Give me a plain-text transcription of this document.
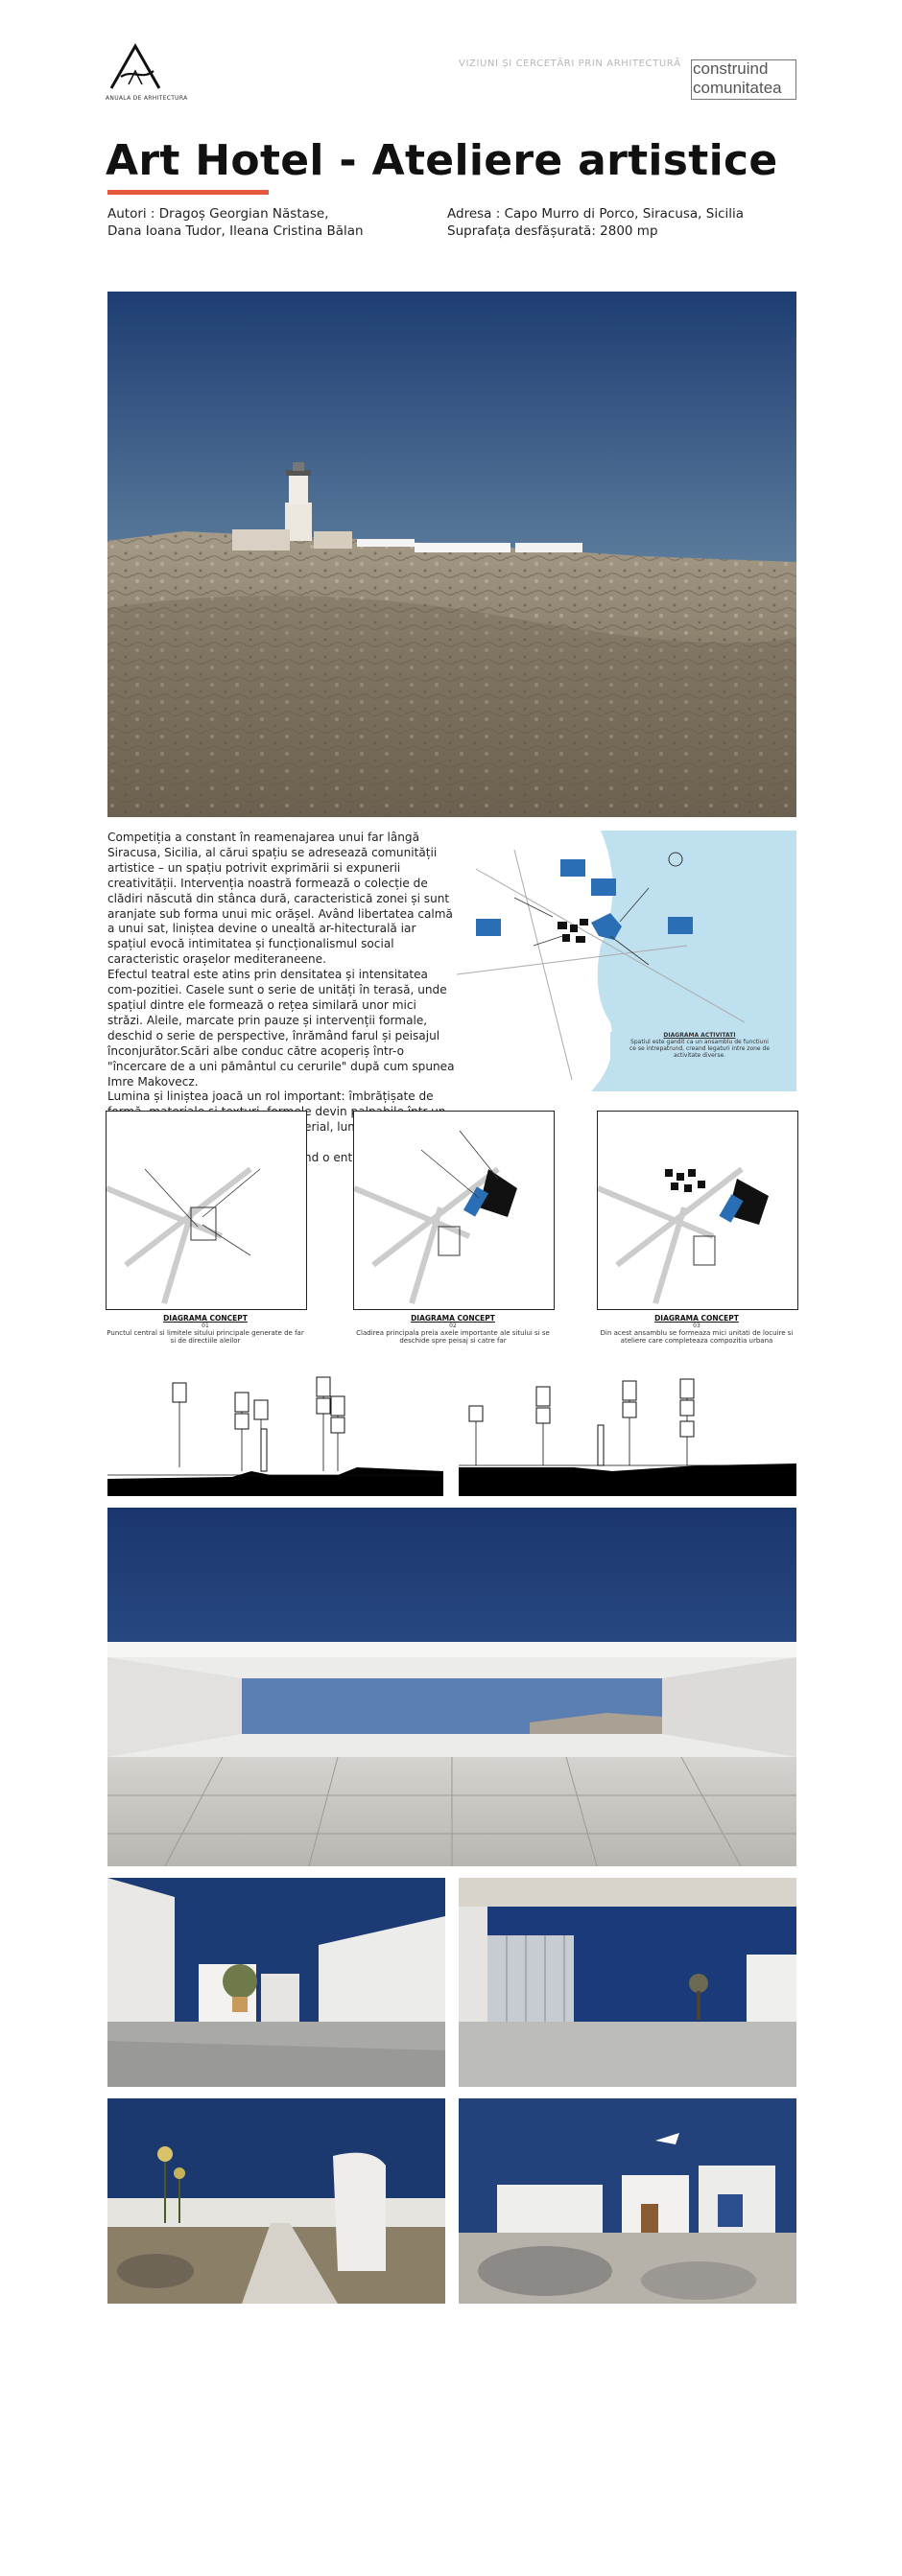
ANUALA DE ARHITECTURA
VIZIUNI ȘI CERCETĂRI PRIN ARHITECTURĂ construind
comunitatea
Art Hotel - Ateliere artistice
Autori : Dragoș Georgian Năstase,
Dana Ioana Tudor, Ileana Cristina Bălan
Adresa : Capo Murro di Porco, Siracusa, Sicilia
Suprafața desfășurată: 2800 mp
Competiția a constant în reamenajarea unui far lângă Siracusa, Sicilia, al cărui spațiu se adresează comunității artistice – un spațiu potrivit exprimării si expunerii creativității. Intervenția noastră formează o colecție de clădiri născută din stânca dură, caracteristică zonei și sunt aranjate sub forma unui mic orășel. Având libertatea calmă a unui sat, liniștea devine o unealtă ar-hitecturală iar spațiul evocă intimitatea și funcționalismul social caracteristic orașelor mediteraneene.
Efectul teatral este atins prin densitatea și intensitatea com-pozitiei. Casele sunt o serie de unități în terasă, unde spațiul dintre ele formează o rețea similară unor mici străzi. Aleile, marcate prin pauze și intervenții formale, deschid o serie de perspective, înrămând farul și peisajul înconjurător.Scări albe conduc către acoperiș într-o "încercare de a uni pământul cu cerurile" după cum spunea Imre Makovecz.
Lumina și liniștea joacă un rol important: îmbrățișate de devin
o
DIAGRAMA ACTIVITATI
Spatiul este gandit ca un ansamblu de functiuni ce se intrepatrund, creand legaturi intre zone de activitate diverse.
DIAGRAMA CONCEPT
01
Punctul central si limitele sitului principale generate de far si de directiile aleilor
DIAGRAMA CONCEPT
02
Cladirea principala preia axele importante ale sitului si se deschide spre peisaj si catre far
DIAGRAMA CONCEPT
03
Din acest ansamblu se formeaza mici unitati de locuire si ateliere care completeaza compozitia urbana
